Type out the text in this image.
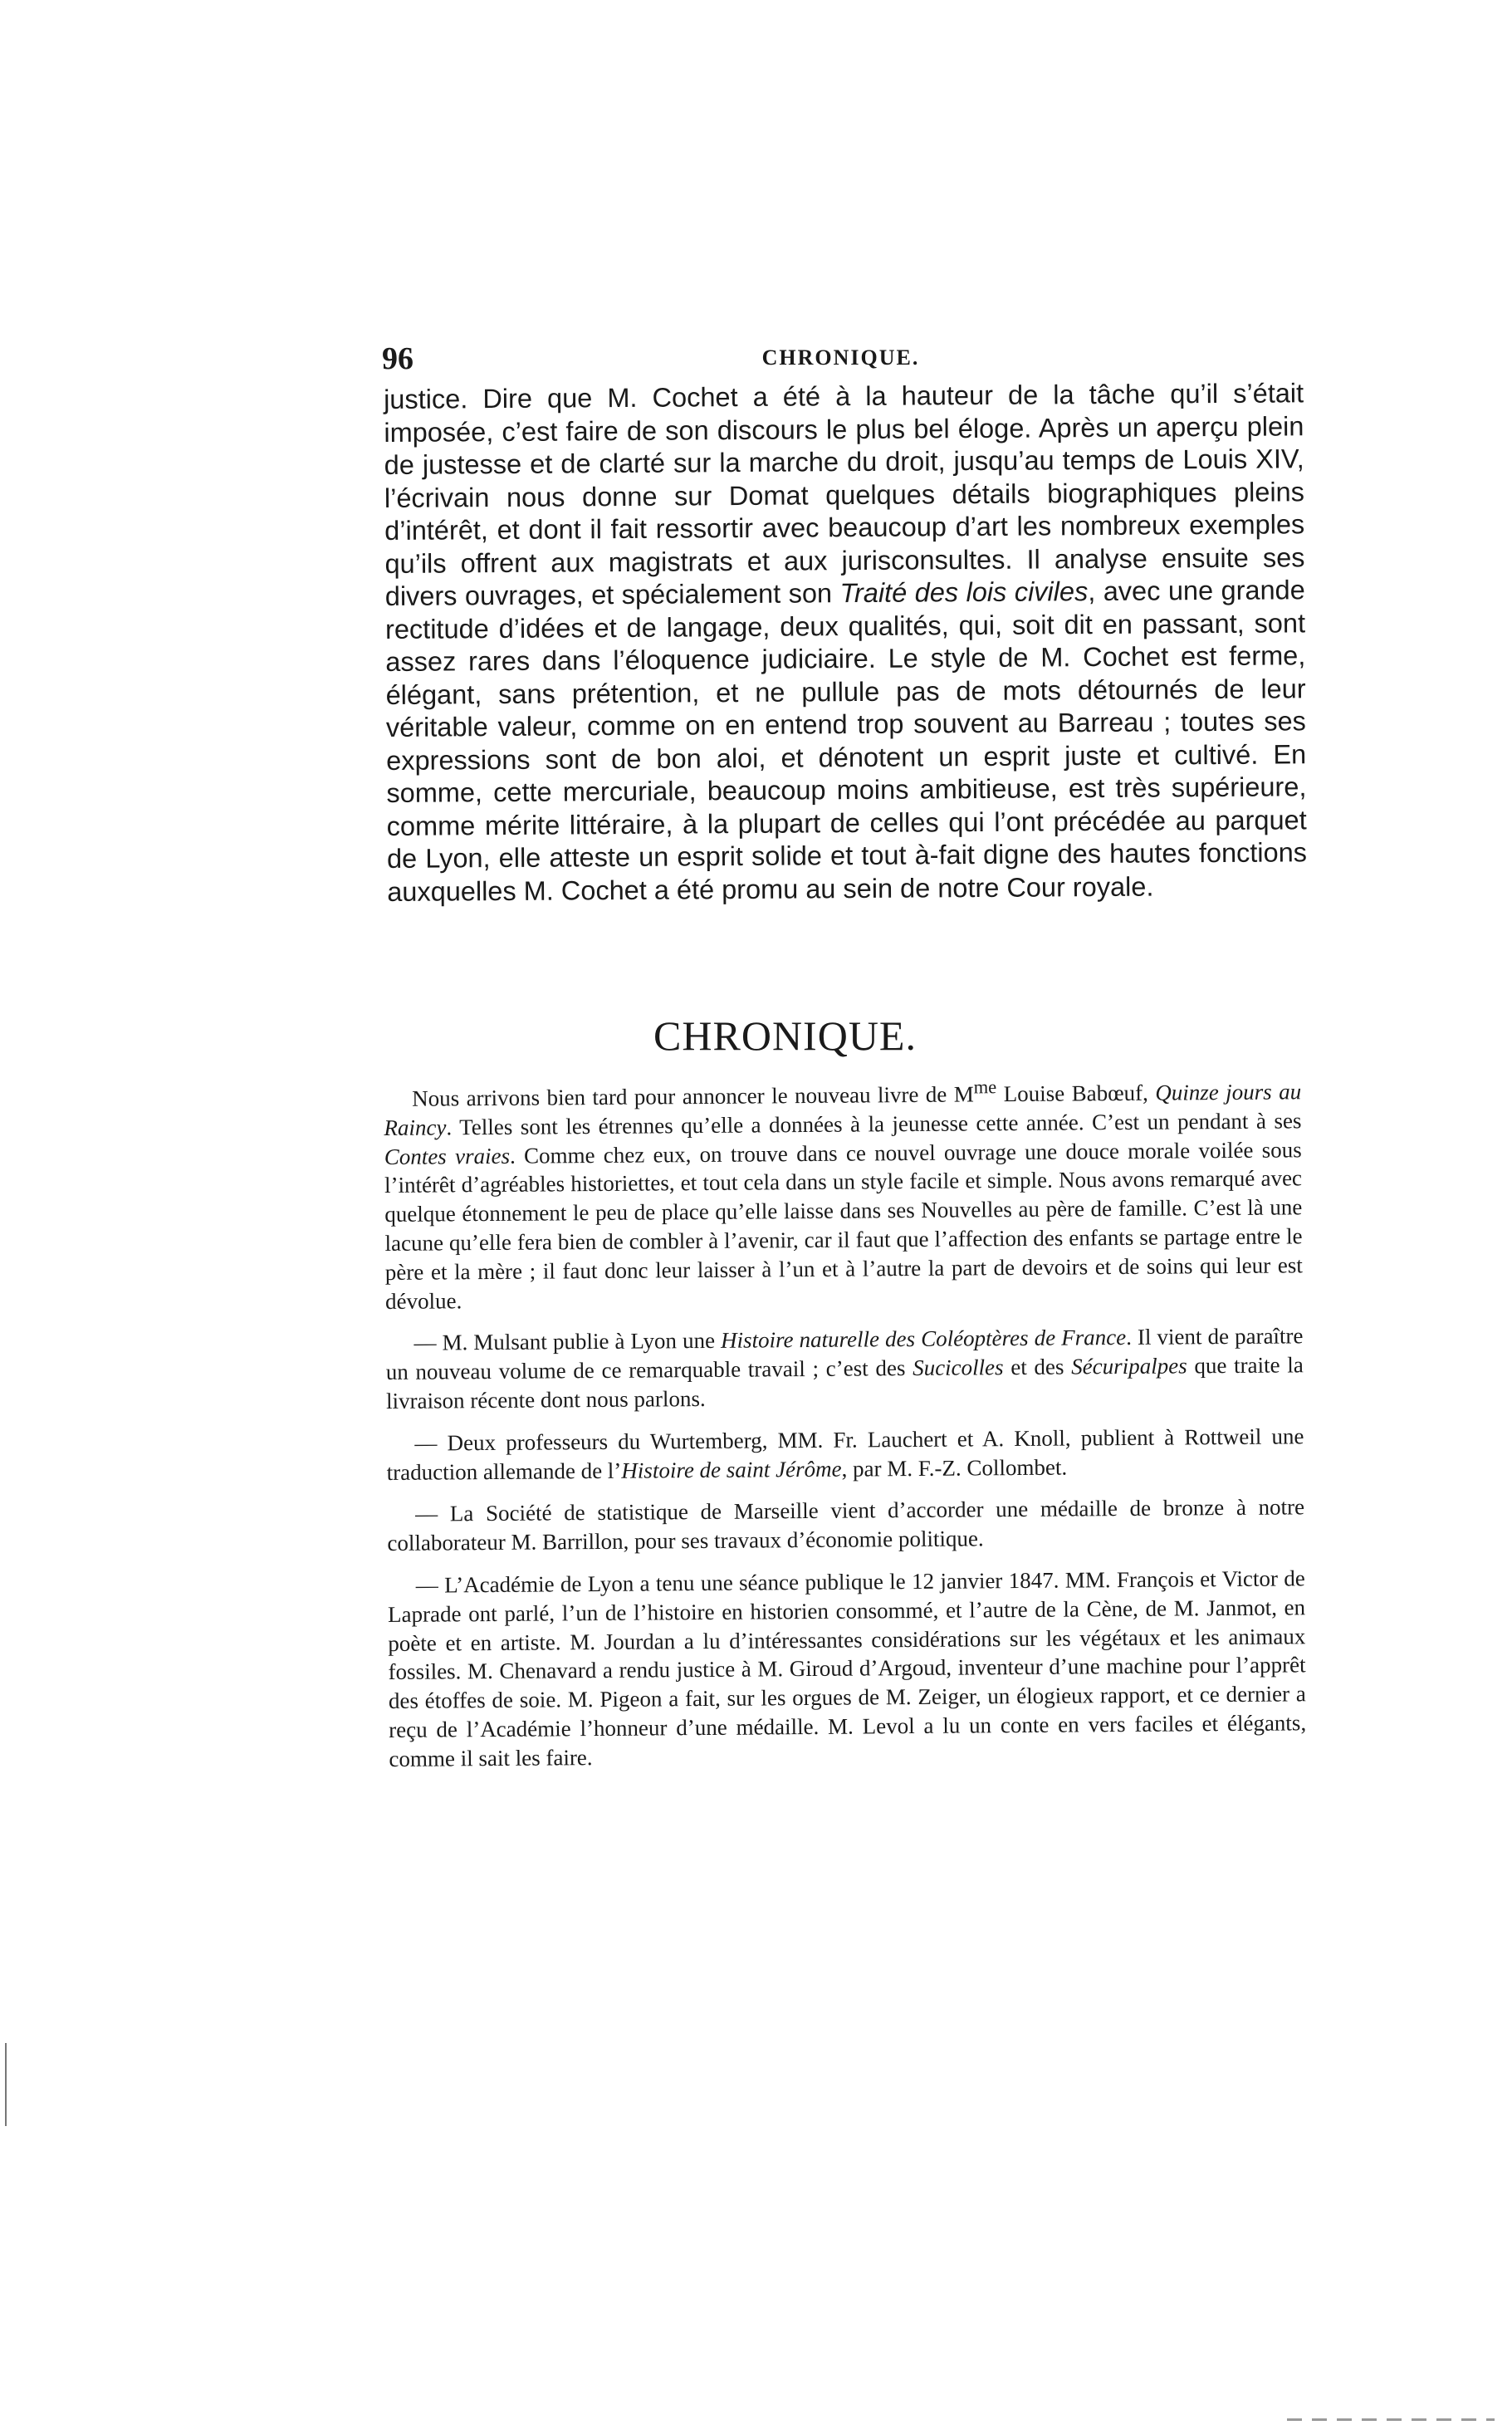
96	CHRONIQUE.

justice. Dire que M. Cochet a été à la hauteur de la tâche qu’il s’était imposée, c’est faire de son discours le plus bel éloge. Après un aperçu plein de justesse et de clarté sur la marche du droit, jusqu’au temps de Louis XIV, l’écrivain nous donne sur Domat quelques détails biographiques pleins d’intérêt, et dont il fait ressortir avec beaucoup d’art les nombreux exemples qu’ils offrent aux magistrats et aux jurisconsultes. Il analyse ensuite ses divers ouvrages, et spécialement son Traité des lois civiles, avec une grande rectitude d’idées et de langage, deux qualités, qui, soit dit en passant, sont assez rares dans l’éloquence judiciaire. Le style de M. Cochet est ferme, élégant, sans prétention, et ne pullule pas de mots détournés de leur véritable valeur, comme on en entend trop souvent au Barreau ; toutes ses expressions sont de bon aloi, et dénotent un esprit juste et cultivé. En somme, cette mercuriale, beaucoup moins ambitieuse, est très supérieure, comme mérite littéraire, à la plupart de celles qui l’ont précédée au parquet de Lyon, elle atteste un esprit solide et tout à-fait digne des hautes fonctions auxquelles M. Cochet a été promu au sein de notre Cour royale.

CHRONIQUE.

Nous arrivons bien tard pour annoncer le nouveau livre de $M^{me}$ Louise Babœuf, Quinze jours au Raincy. Telles sont les étrennes qu’elle a données à la jeunesse cette année. C’est un pendant à ses Contes vraies. Comme chez eux, on trouve dans ce nouvel ouvrage une douce morale voilée sous l’intérêt d’agréables historiettes, et tout cela dans un style facile et simple. Nous avons remarqué avec quelque étonnement le peu de place qu’elle laisse dans ses Nouvelles au père de famille. C’est là une lacune qu’elle fera bien de combler à l’avenir, car il faut que l’affection des enfants se partage entre le père et la mère ; il faut donc leur laisser à l’un et à l’autre la part de devoirs et de soins qui leur est dévolue.

— M. Mulsant publie à Lyon une Histoire naturelle des Coléoptères de France. Il vient de paraître un nouveau volume de ce remarquable travail ; c’est des Sucicolles et des Sécuripalpes que traite la livraison récente dont nous parlons.

— Deux professeurs du Wurtemberg, MM. Fr. Lauchert et A. Knoll, publient à Rottweil une traduction allemande de l’Histoire de saint Jérôme, par M. F.-Z. Collombet.

— La Société de statistique de Marseille vient d’accorder une médaille de bronze à notre collaborateur M. Barrillon, pour ses travaux d’économie politique.

— L’Académie de Lyon a tenu une séance publique le 12 janvier 1847. MM. François et Victor de Laprade ont parlé, l’un de l’histoire en historien consommé, et l’autre de la Cène, de M. Janmot, en poète et en artiste. M. Jourdan a lu d’intéressantes considérations sur les végétaux et les animaux fossiles. M. Chenavard a rendu justice à M. Giroud d’Argoud, inventeur d’une machine pour l’apprêt des étoffes de soie. M. Pigeon a fait, sur les orgues de M. Zeiger, un élogieux rapport, et ce dernier a reçu de l’Académie l’honneur d’une médaille. M. Levol a lu un conte en vers faciles et élégants, comme il sait les faire.
